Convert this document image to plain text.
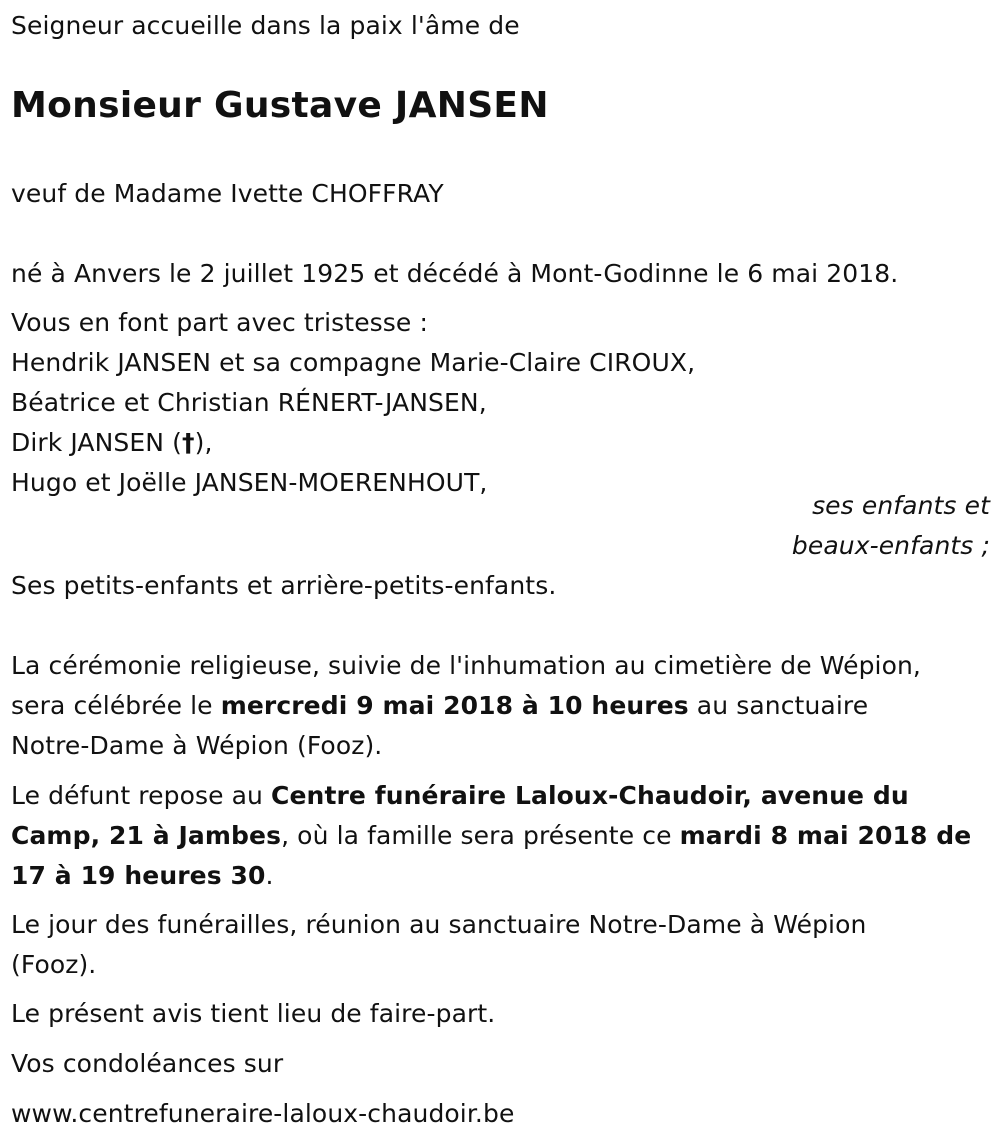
Seigneur accueille dans la paix l'âme de
Monsieur Gustave JANSEN
veuf de Madame Ivette CHOFFRAY
né à Anvers le 2 juillet 1925 et décédé à Mont-Godinne le 6 mai 2018.
Vous en font part avec tristesse :
Hendrik JANSEN et sa compagne Marie-Claire CIROUX,
Béatrice et Christian RÉNERT-JANSEN,
Dirk JANSEN (†),
Hugo et Joëlle JANSEN-MOERENHOUT,
ses enfants et
beaux-enfants ;
Ses petits-enfants et arrière-petits-enfants.
La cérémonie religieuse, suivie de l'inhumation au cimetière de Wépion,
sera célébrée le mercredi 9 mai 2018 à 10 heures au sanctuaire
Notre-Dame à Wépion (Fooz).
Le défunt repose au Centre funéraire Laloux-Chaudoir, avenue du
Camp, 21 à Jambes, où la famille sera présente ce mardi 8 mai 2018 de
17 à 19 heures 30.
Le jour des funérailles, réunion au sanctuaire Notre-Dame à Wépion
(Fooz).
Le présent avis tient lieu de faire-part.
Vos condoléances sur
www.centrefuneraire-laloux-chaudoir.be
